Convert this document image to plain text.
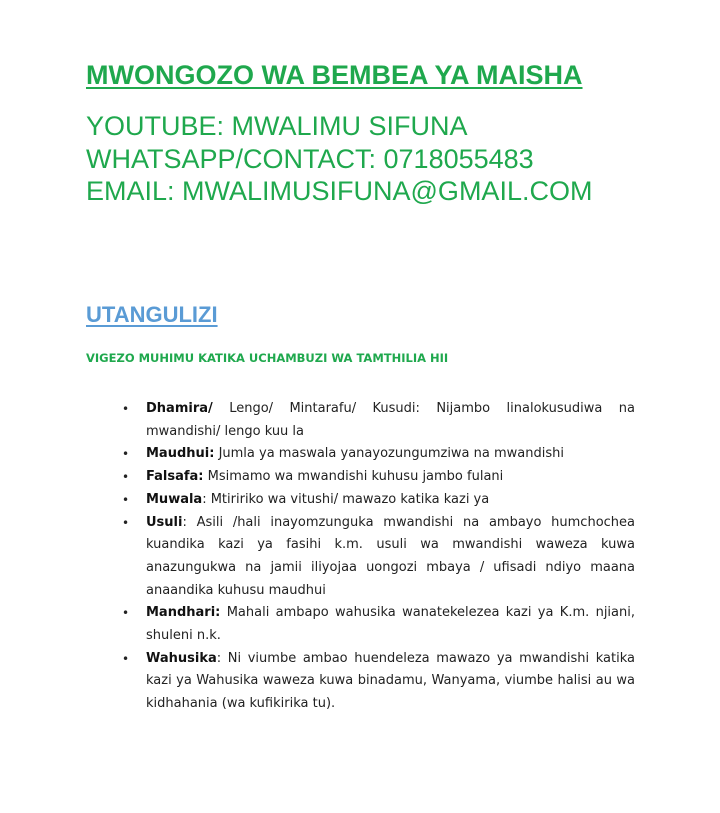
MWONGOZO WA BEMBEA YA MAISHA
YOUTUBE: MWALIMU SIFUNA
WHATSAPP/CONTACT: 0718055483
EMAIL: MWALIMUSIFUNA@GMAIL.COM
UTANGULIZI
VIGEZO MUHIMU KATIKA UCHAMBUZI WA TAMTHILIA HII
• Dhamira/ Lengo/ Mintarafu/ Kusudi: Nijambo linalokusudiwa na mwandishi/ lengo kuu la
• Maudhui: Jumla ya maswala yanayozungumziwa na mwandishi
• Falsafa: Msimamo wa mwandishi kuhusu jambo fulani
• Muwala: Mtiririko wa vitushi/ mawazo katika kazi ya
• Usuli: Asili /hali inayomzunguka mwandishi na ambayo humchochea kuandika kazi ya fasihi k.m. usuli wa mwandishi waweza kuwa anazungukwa na jamii iliyojaa uongozi mbaya / ufisadi ndiyo maana anaandika kuhusu maudhui
• Mandhari: Mahali ambapo wahusika wanatekelezea kazi ya K.m. njiani, shuleni n.k.
• Wahusika: Ni viumbe ambao huendeleza mawazo ya mwandishi katika kazi ya Wahusika waweza kuwa binadamu, Wanyama, viumbe halisi au wa kidhahania (wa kufikirika tu).
